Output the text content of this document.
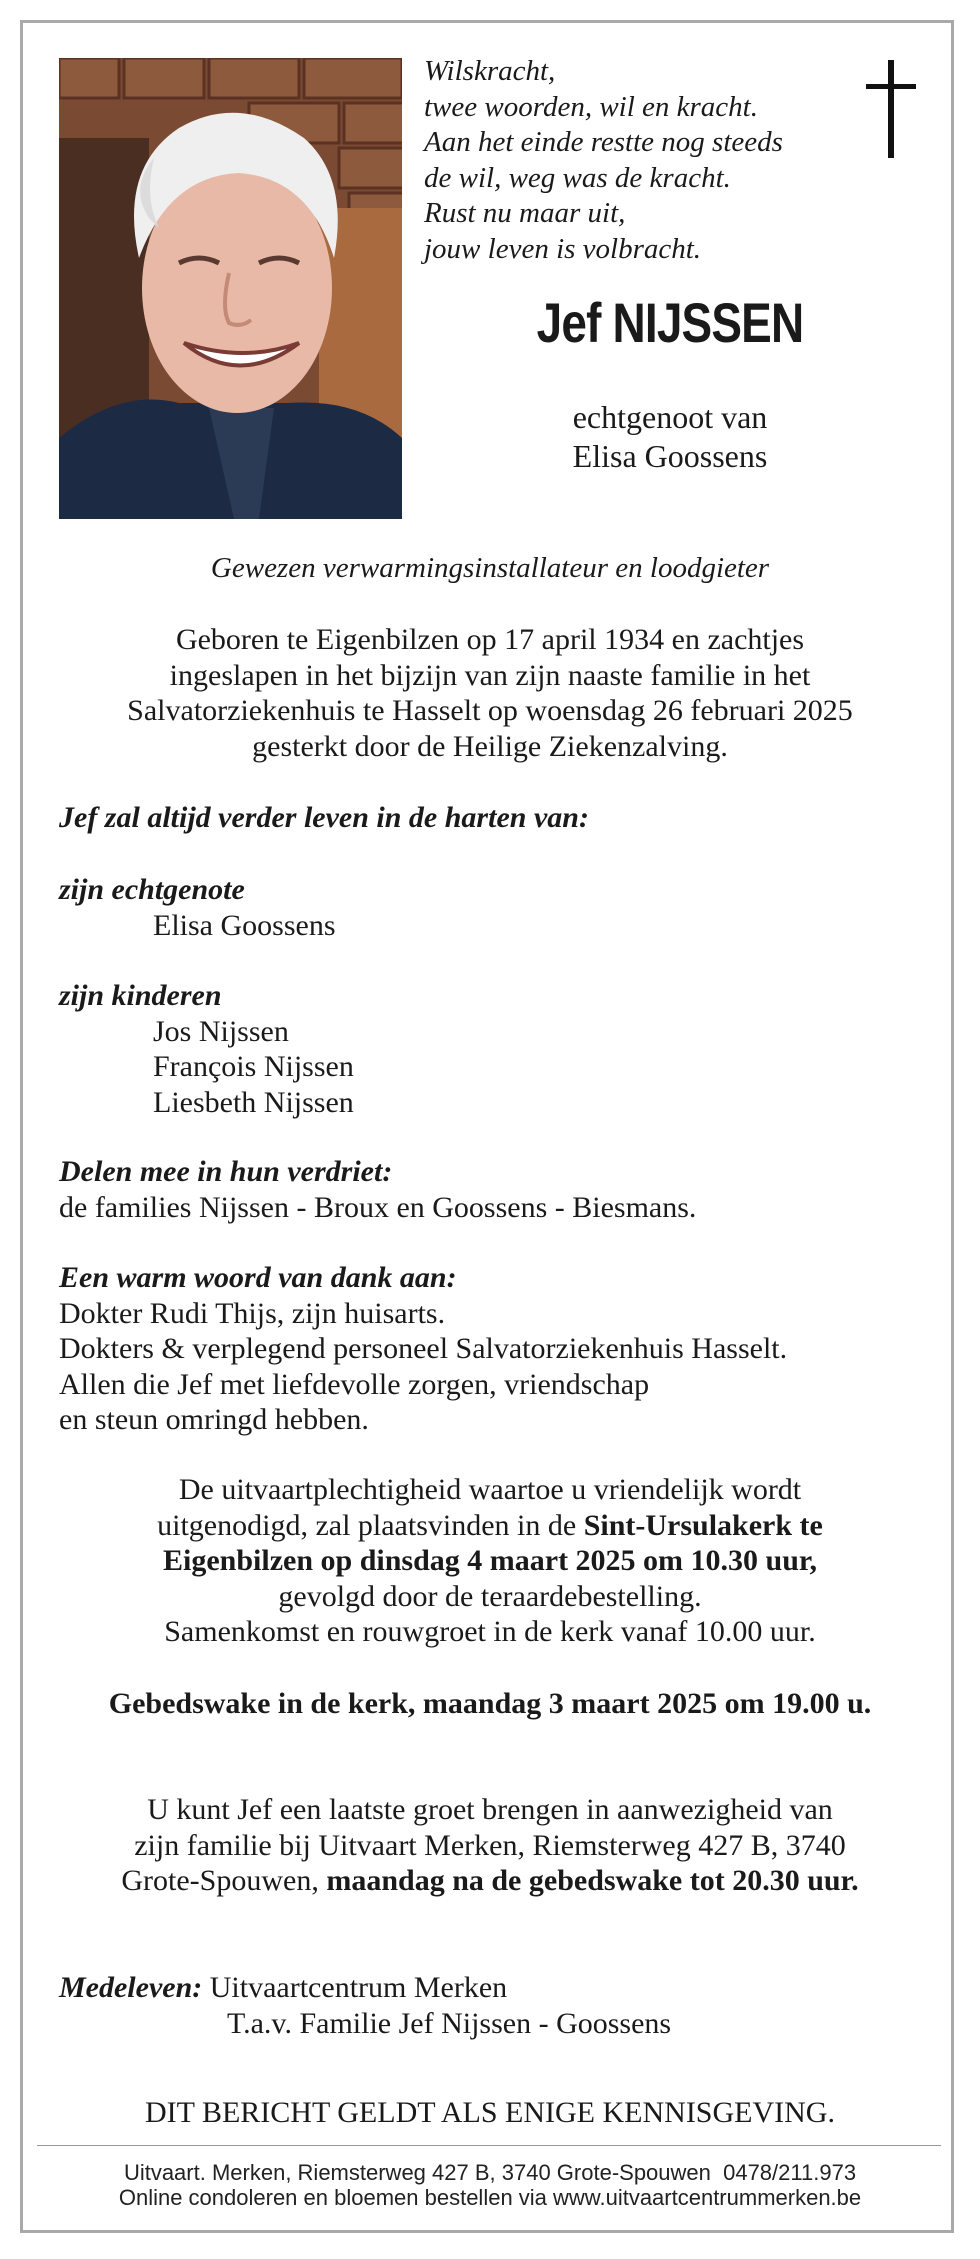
Wilskracht,
twee woorden, wil en kracht.
Aan het einde restte nog steeds
de wil, weg was de kracht.
Rust nu maar uit,
jouw leven is volbracht.
Jef NIJSSEN
echtgenoot van
Elisa Goossens
Gewezen verwarmingsinstallateur en loodgieter
Geboren te Eigenbilzen op 17 april 1934 en zachtjes
ingeslapen in het bijzijn van zijn naaste familie in het
Salvatorziekenhuis te Hasselt op woensdag 26 februari 2025
gesterkt door de Heilige Ziekenzalving.
Jef zal altijd verder leven in de harten van:
zijn echtgenote
Elisa Goossens
zijn kinderen
Jos Nijssen
François Nijssen
Liesbeth Nijssen
Delen mee in hun verdriet:
de families Nijssen - Broux en Goossens - Biesmans.
Een warm woord van dank aan:
Dokter Rudi Thijs, zijn huisarts.
Dokters & verplegend personeel Salvatorziekenhuis Hasselt.
Allen die Jef met liefdevolle zorgen, vriendschap
en steun omringd hebben.
De uitvaartplechtigheid waartoe u vriendelijk wordt
uitgenodigd, zal plaatsvinden in de Sint-Ursulakerk te
Eigenbilzen op dinsdag 4 maart 2025 om 10.30 uur,
gevolgd door de teraardebestelling.
Samenkomst en rouwgroet in de kerk vanaf 10.00 uur.
Gebedswake in de kerk, maandag 3 maart 2025 om 19.00 u.
U kunt Jef een laatste groet brengen in aanwezigheid van
zijn familie bij Uitvaart Merken, Riemsterweg 427 B, 3740
Grote-Spouwen, maandag na de gebedswake tot 20.30 uur.
Medeleven: Uitvaartcentrum Merken
T.a.v. Familie Jef Nijssen - Goossens
DIT BERICHT GELDT ALS ENIGE KENNISGEVING.
Uitvaart. Merken, Riemsterweg 427 B, 3740 Grote-Spouwen  0478/211.973
Online condoleren en bloemen bestellen via www.uitvaartcentrummerken.be
